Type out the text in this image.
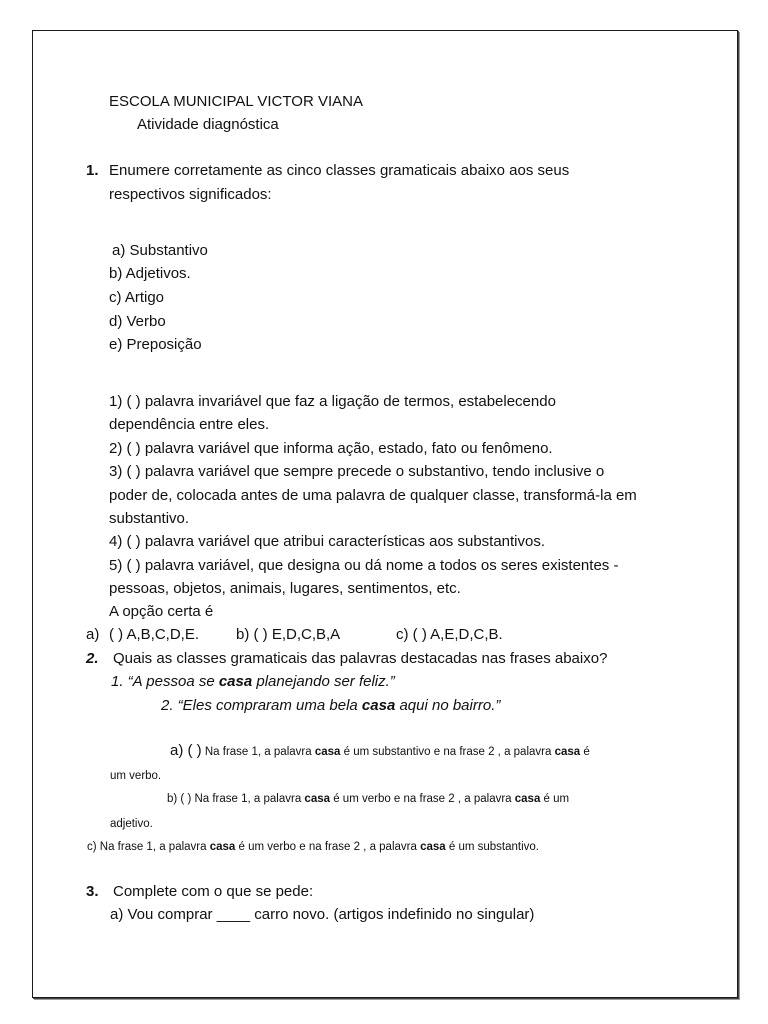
ESCOLA MUNICIPAL VICTOR VIANA
Atividade diagnóstica
1. Enumere corretamente as cinco classes gramaticais abaixo aos seus
respectivos significados:
a) Substantivo
b) Adjetivos.
c) Artigo
d) Verbo
e) Preposição
1) ( ) palavra invariável que faz a ligação de termos, estabelecendo
dependência entre eles.
2) ( ) palavra variável que informa ação, estado, fato ou fenômeno.
3) ( ) palavra variável que sempre precede o substantivo, tendo inclusive o
poder de, colocada antes de uma palavra de qualquer classe, transformá-la em
substantivo.
4) ( ) palavra variável que atribui características aos substantivos.
5) ( ) palavra variável, que designa ou dá nome a todos os seres existentes -
pessoas, objetos, animais, lugares, sentimentos, etc.
A opção certa é
a) ( ) A,B,C,D,E. b) ( ) E,D,C,B,A	c) ( ) A,E,D,C,B.
2. Quais as classes gramaticais das palavras destacadas nas frases abaixo?
1. “A pessoa se casa planejando ser feliz.”
2. “Eles compraram uma bela casa aqui no bairro.”
a) ( ) Na frase 1, a palavra casa é um substantivo e na frase 2 , a palavra casa é
um verbo.
b) ( ) Na frase 1, a palavra casa é um verbo e na frase 2 , a palavra casa é um
adjetivo.
c) Na frase 1, a palavra casa é um verbo e na frase 2 , a palavra casa é um substantivo.
3. Complete com o que se pede:
a) Vou comprar ____ carro novo. (artigos indefinido no singular)
